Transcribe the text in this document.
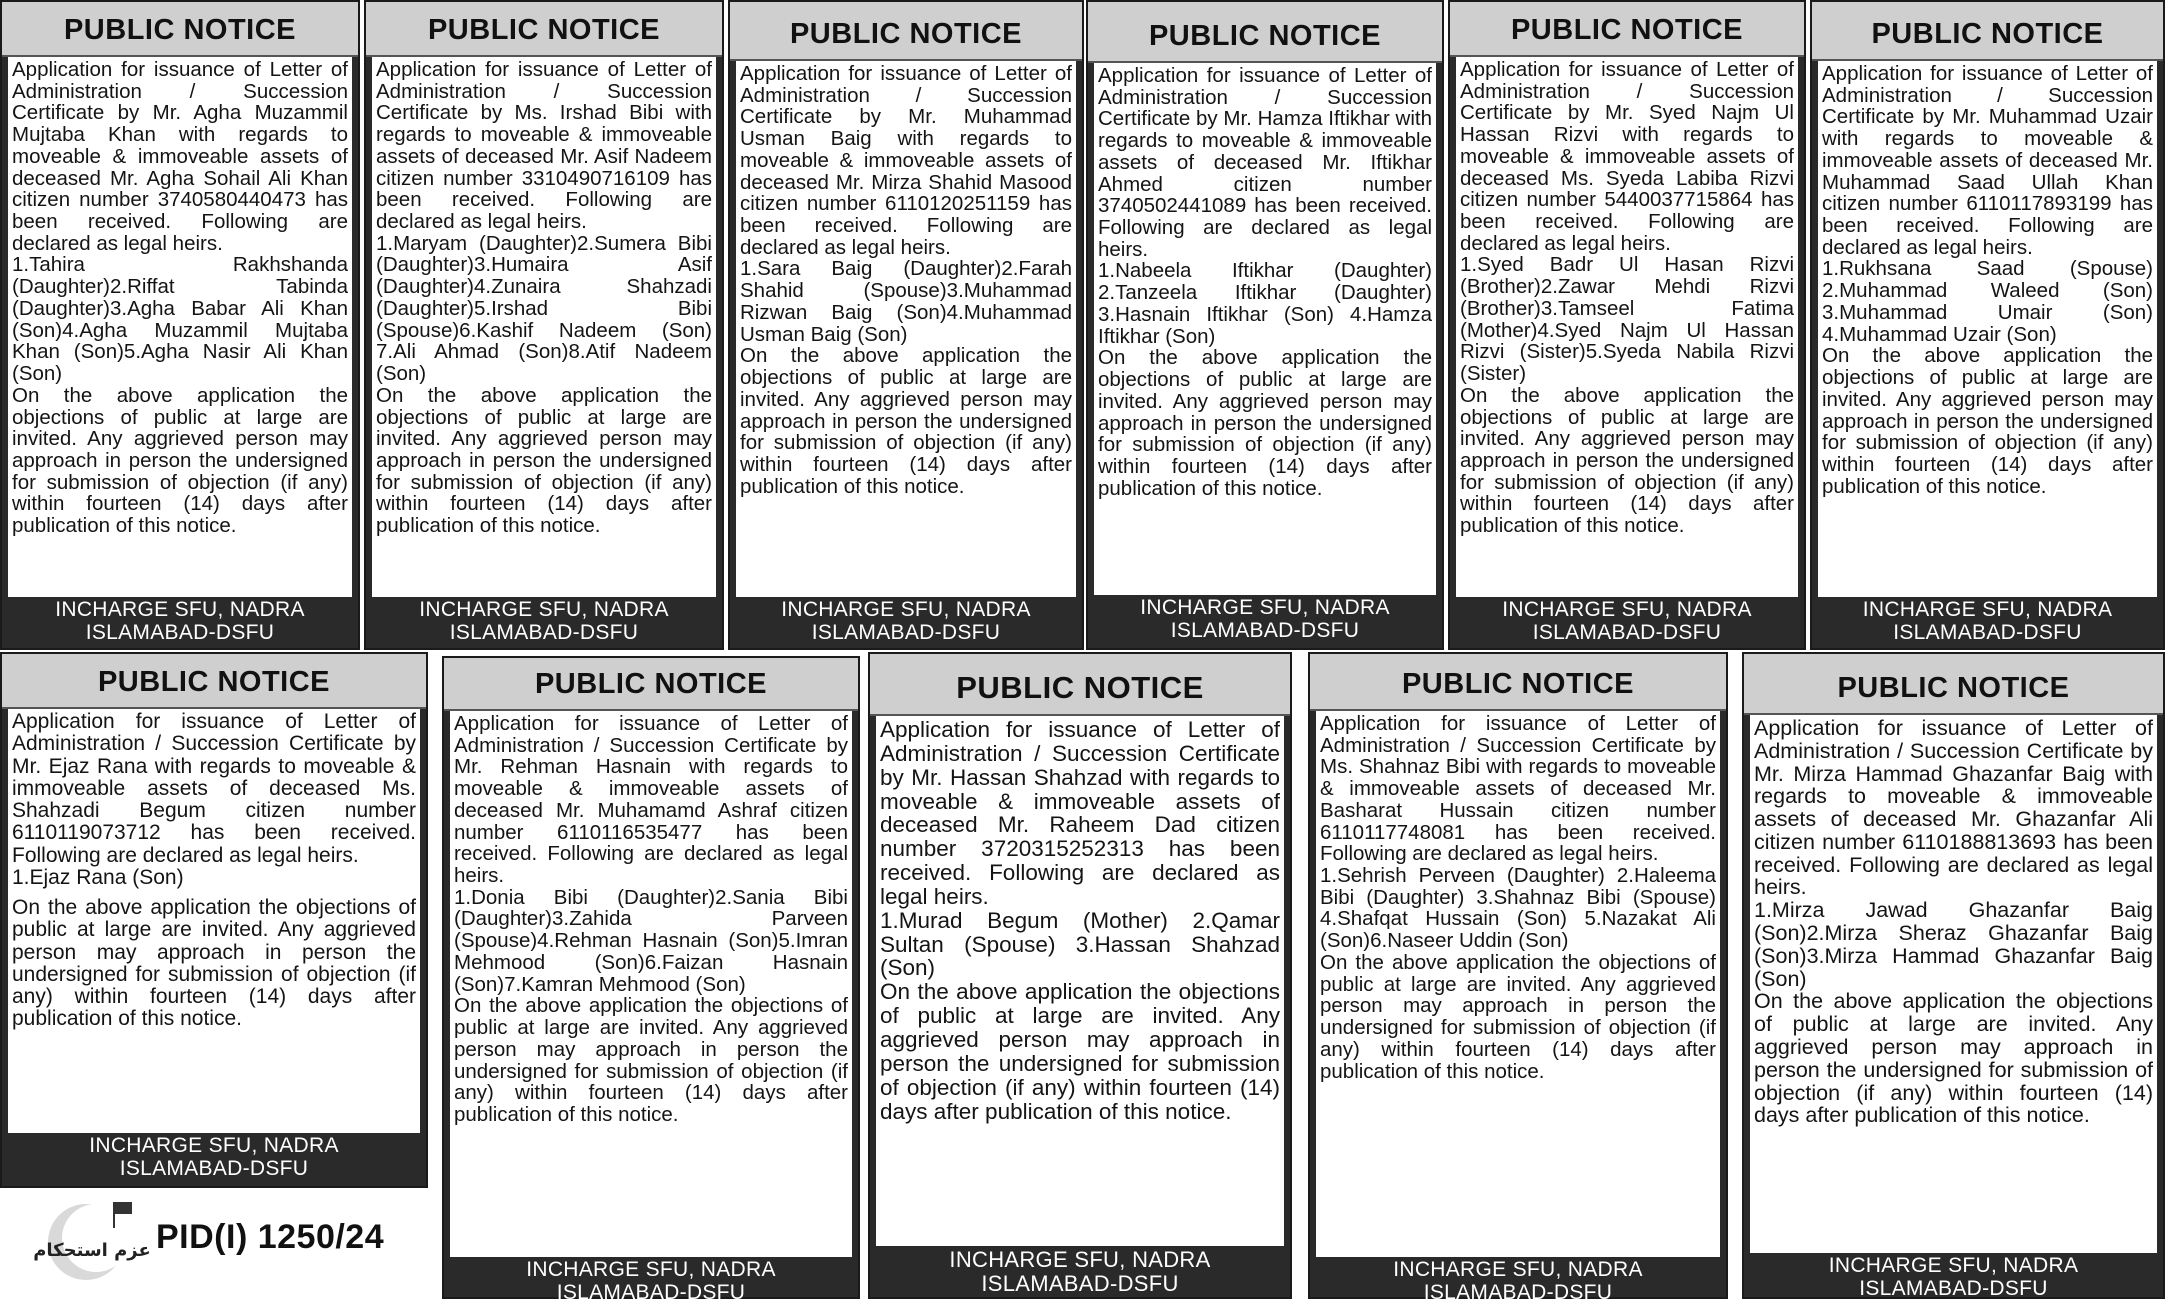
PUBLIC NOTICE

Application for issuance of Letter of Administration / Succession Certificate by Mr. Agha Muzammil Mujtaba Khan with regards to moveable & immoveable assets of deceased Mr. Agha Sohail Ali Khan citizen number 3740580440473 has been received. Following are declared as legal heirs.

1.Tahira Rakhshanda (Daughter)2.Riffat Tabinda (Daughter)3.Agha Babar Ali Khan (Son)4.Agha Muzammil Mujtaba Khan (Son)5.Agha Nasir Ali Khan (Son)

On the above application the objections of public at large are invited. Any aggrieved person may approach in person the undersigned for submission of objection (if any) within fourteen (14) days after publication of this notice.

INCHARGE SFU, NADRA
ISLAMABAD-DSFU
PUBLIC NOTICE

Application for issuance of Letter of Administration / Succession Certificate by Ms. Irshad Bibi with regards to moveable & immoveable assets of deceased Mr. Asif Nadeem citizen number 3310490716109 has been received. Following are declared as legal heirs.

1.Maryam (Daughter)2.Sumera Bibi (Daughter)3.Humaira Asif (Daughter)4.Zunaira Shahzadi (Daughter)5.Irshad Bibi (Spouse)6.Kashif Nadeem (Son) 7.Ali Ahmad (Son)8.Atif Nadeem (Son)

On the above application the objections of public at large are invited. Any aggrieved person may approach in person the undersigned for submission of objection (if any) within fourteen (14) days after publication of this notice.

INCHARGE SFU, NADRA
ISLAMABAD-DSFU
PUBLIC NOTICE

Application for issuance of Letter of Administration / Succession Certificate by Mr. Muhammad Usman Baig with regards to moveable & immoveable assets of deceased Mr. Mirza Shahid Masood citizen number 6110120251159 has been received. Following are declared as legal heirs.

1.Sara Baig (Daughter)2.Farah Shahid (Spouse)3.Muhammad Rizwan Baig (Son)4.Muhammad Usman Baig (Son)

On the above application the objections of public at large are invited. Any aggrieved person may approach in person the undersigned for submission of objection (if any) within fourteen (14) days after publication of this notice.

INCHARGE SFU, NADRA
ISLAMABAD-DSFU
PUBLIC NOTICE

Application for issuance of Letter of Administration / Succession Certificate by Mr. Hamza Iftikhar with regards to moveable & immoveable assets of deceased Mr. Iftikhar Ahmed citizen number 3740502441089 has been received. Following are declared as legal heirs.

1.Nabeela Iftikhar (Daughter) 2.Tanzeela Iftikhar (Daughter) 3.Hasnain Iftikhar (Son) 4.Hamza Iftikhar (Son)

On the above application the objections of public at large are invited. Any aggrieved person may approach in person the undersigned for submission of objection (if any) within fourteen (14) days after publication of this notice.

INCHARGE SFU, NADRA
ISLAMABAD-DSFU
PUBLIC NOTICE

Application for issuance of Letter of Administration / Succession Certificate by Mr. Syed Najm Ul Hassan Rizvi with regards to moveable & immoveable assets of deceased Ms. Syeda Labiba Rizvi citizen number 5440037715864 has been received. Following are declared as legal heirs.

1.Syed Badr Ul Hasan Rizvi (Brother)2.Zawar Mehdi Rizvi (Brother)3.Tamseel Fatima (Mother)4.Syed Najm Ul Hassan Rizvi (Sister)5.Syeda Nabila Rizvi (Sister)

On the above application the objections of public at large are invited. Any aggrieved person may approach in person the undersigned for submission of objection (if any) within fourteen (14) days after publication of this notice.

INCHARGE SFU, NADRA
ISLAMABAD-DSFU
PUBLIC NOTICE

Application for issuance of Letter of Administration / Succession Certificate by Mr. Muhammad Uzair with regards to moveable & immoveable assets of deceased Mr. Muhammad Saad Ullah Khan citizen number 6110117893199 has been received. Following are declared as legal heirs.

1.Rukhsana Saad (Spouse) 2.Muhammad Waleed (Son) 3.Muhammad Umair (Son) 4.Muhammad Uzair (Son)

On the above application the objections of public at large are invited. Any aggrieved person may approach in person the undersigned for submission of objection (if any) within fourteen (14) days after publication of this notice.

INCHARGE SFU, NADRA
ISLAMABAD-DSFU
PUBLIC NOTICE

Application for issuance of Letter of Administration / Succession Certificate by Mr. Ejaz Rana with regards to moveable & immoveable assets of deceased Ms. Shahzadi Begum citizen number 6110119073712 has been received. Following are declared as legal heirs.

1.Ejaz Rana (Son)

On the above application the objections of public at large are invited. Any aggrieved person may approach in person the undersigned for submission of objection (if any) within fourteen (14) days after publication of this notice.

INCHARGE SFU, NADRA
ISLAMABAD-DSFU
PUBLIC NOTICE

Application for issuance of Letter of Administration / Succession Certificate by Mr. Rehman Hasnain with regards to moveable & immoveable assets of deceased Mr. Muhamamd Ashraf citizen number 6110116535477 has been received. Following are declared as legal heirs.

1.Donia Bibi (Daughter)2.Sania Bibi (Daughter)3.Zahida Parveen (Spouse)4.Rehman Hasnain (Son)5.Imran Mehmood (Son)6.Faizan Hasnain (Son)7.Kamran Mehmood (Son)

On the above application the objections of public at large are invited. Any aggrieved person may approach in person the undersigned for submission of objection (if any) within fourteen (14) days after publication of this notice.

INCHARGE SFU, NADRA
ISLAMABAD-DSFU
PUBLIC NOTICE

Application for issuance of Letter of Administration / Succession Certificate by Mr. Hassan Shahzad with regards to moveable & immoveable assets of deceased Mr. Raheem Dad citizen number 3720315252313 has been received. Following are declared as legal heirs.

1.Murad Begum (Mother) 2.Qamar Sultan (Spouse) 3.Hassan Shahzad (Son)

On the above application the objections of public at large are invited. Any aggrieved person may approach in person the undersigned for submission of objection (if any) within fourteen (14) days after publication of this notice.

INCHARGE SFU, NADRA
ISLAMABAD-DSFU
PUBLIC NOTICE

Application for issuance of Letter of Administration / Succession Certificate by Ms. Shahnaz Bibi with regards to moveable & immoveable assets of deceased Mr. Basharat Hussain citizen number 6110117748081 has been received. Following are declared as legal heirs.

1.Sehrish Perveen (Daughter) 2.Haleema Bibi (Daughter) 3.Shahnaz Bibi (Spouse) 4.Shafqat Hussain (Son) 5.Nazakat Ali (Son)6.Naseer Uddin (Son)

On the above application the objections of public at large are invited. Any aggrieved person may approach in person the undersigned for submission of objection (if any) within fourteen (14) days after publication of this notice.

INCHARGE SFU, NADRA
ISLAMABAD-DSFU
PUBLIC NOTICE

Application for issuance of Letter of Administration / Succession Certificate by Mr. Mirza Hammad Ghazanfar Baig with regards to moveable & immoveable assets of deceased Mr. Ghazanfar Ali citizen number 6110188813693 has been received. Following are declared as legal heirs.

1.Mirza Jawad Ghazanfar Baig (Son)2.Mirza Sheraz Ghazanfar Baig (Son)3.Mirza Hammad Ghazanfar Baig (Son)

On the above application the objections of public at large are invited. Any aggrieved person may approach in person the undersigned for submission of objection (if any) within fourteen (14) days after publication of this notice.

INCHARGE SFU, NADRA
ISLAMABAD-DSFU
عزم استحکام PID(I) 1250/24
